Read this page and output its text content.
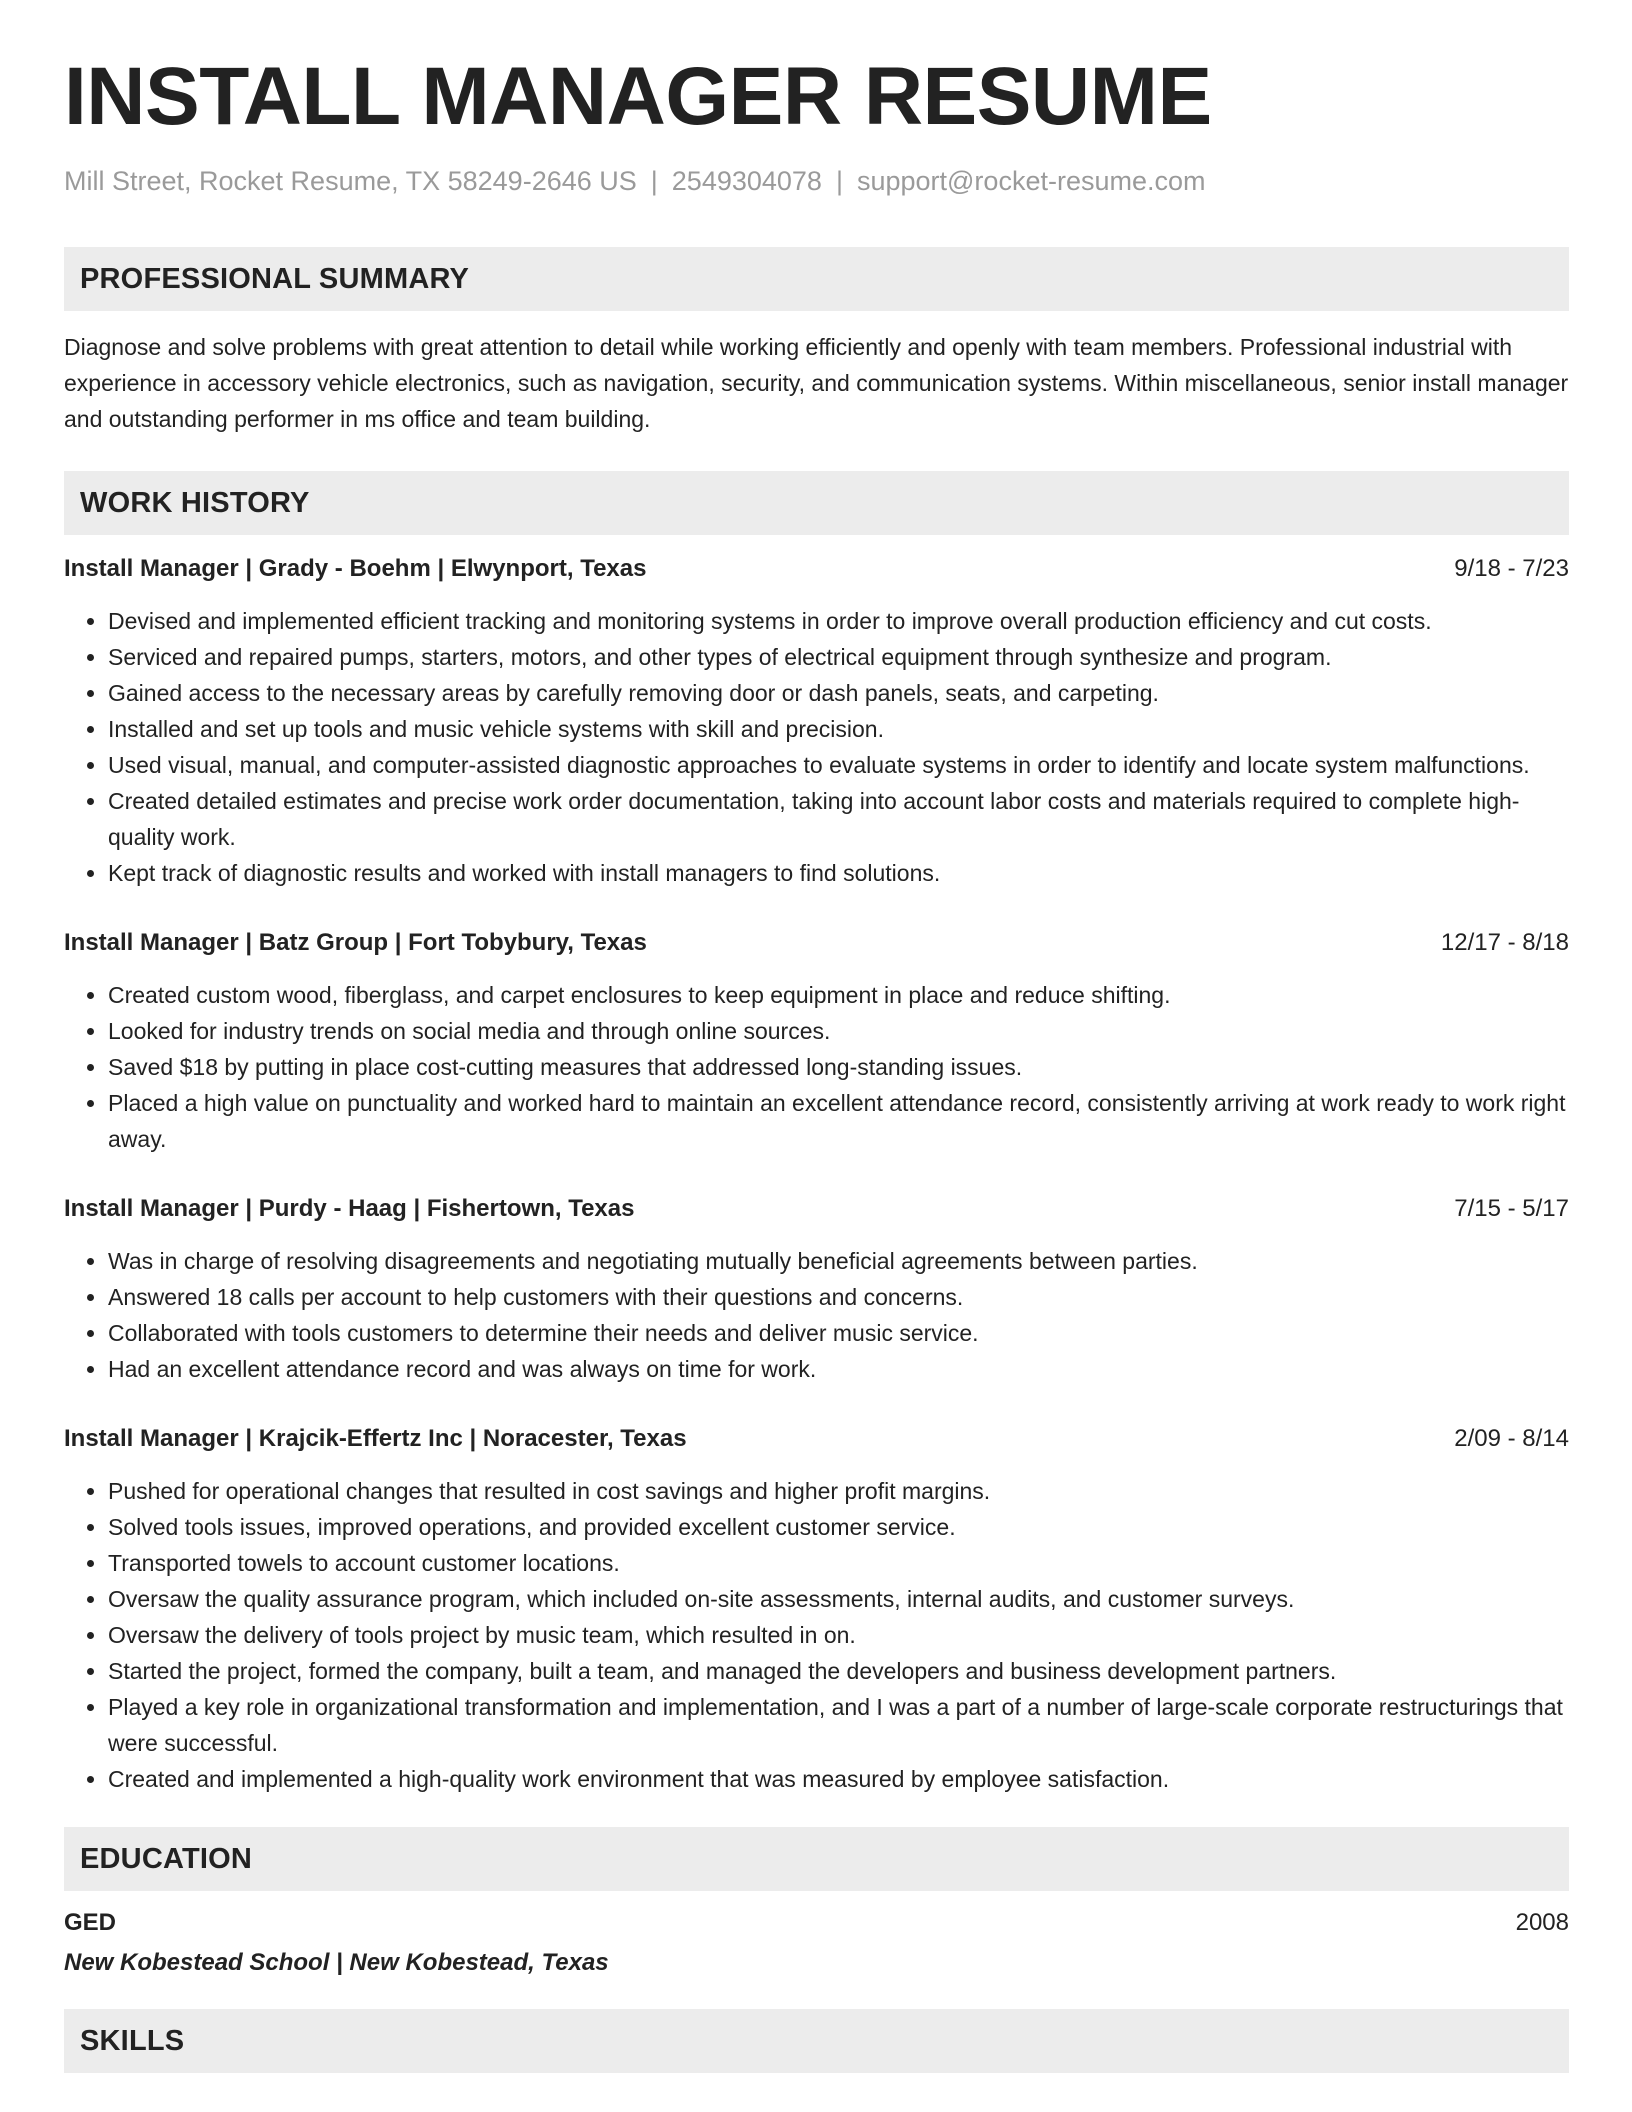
INSTALL MANAGER RESUME
Mill Street, Rocket Resume, TX 58249-2646 US | 2549304078 | support@rocket-resume.com
PROFESSIONAL SUMMARY
Diagnose and solve problems with great attention to detail while working efficiently and openly with team members. Professional industrial with experience in accessory vehicle electronics, such as navigation, security, and communication systems. Within miscellaneous, senior install manager and outstanding performer in ms office and team building.
WORK HISTORY
Install Manager | Grady - Boehm | Elwynport, Texas	9/18 - 7/23
• Devised and implemented efficient tracking and monitoring systems in order to improve overall production efficiency and cut costs.
• Serviced and repaired pumps, starters, motors, and other types of electrical equipment through synthesize and program.
• Gained access to the necessary areas by carefully removing door or dash panels, seats, and carpeting.
• Installed and set up tools and music vehicle systems with skill and precision.
• Used visual, manual, and computer-assisted diagnostic approaches to evaluate systems in order to identify and locate system malfunctions.
• Created detailed estimates and precise work order documentation, taking into account labor costs and materials required to complete high-quality work.
• Kept track of diagnostic results and worked with install managers to find solutions.
Install Manager | Batz Group | Fort Tobybury, Texas	12/17 - 8/18
• Created custom wood, fiberglass, and carpet enclosures to keep equipment in place and reduce shifting.
• Looked for industry trends on social media and through online sources.
• Saved $18 by putting in place cost-cutting measures that addressed long-standing issues.
• Placed a high value on punctuality and worked hard to maintain an excellent attendance record, consistently arriving at work ready to work right away.
Install Manager | Purdy - Haag | Fishertown, Texas	7/15 - 5/17
• Was in charge of resolving disagreements and negotiating mutually beneficial agreements between parties.
• Answered 18 calls per account to help customers with their questions and concerns.
• Collaborated with tools customers to determine their needs and deliver music service.
• Had an excellent attendance record and was always on time for work.
Install Manager | Krajcik-Effertz Inc | Noracester, Texas	2/09 - 8/14
• Pushed for operational changes that resulted in cost savings and higher profit margins.
• Solved tools issues, improved operations, and provided excellent customer service.
• Transported towels to account customer locations.
• Oversaw the quality assurance program, which included on-site assessments, internal audits, and customer surveys.
• Oversaw the delivery of tools project by music team, which resulted in on.
• Started the project, formed the company, built a team, and managed the developers and business development partners.
• Played a key role in organizational transformation and implementation, and I was a part of a number of large-scale corporate restructurings that were successful.
• Created and implemented a high-quality work environment that was measured by employee satisfaction.
EDUCATION
GED	2008
New Kobestead School | New Kobestead, Texas
SKILLS
